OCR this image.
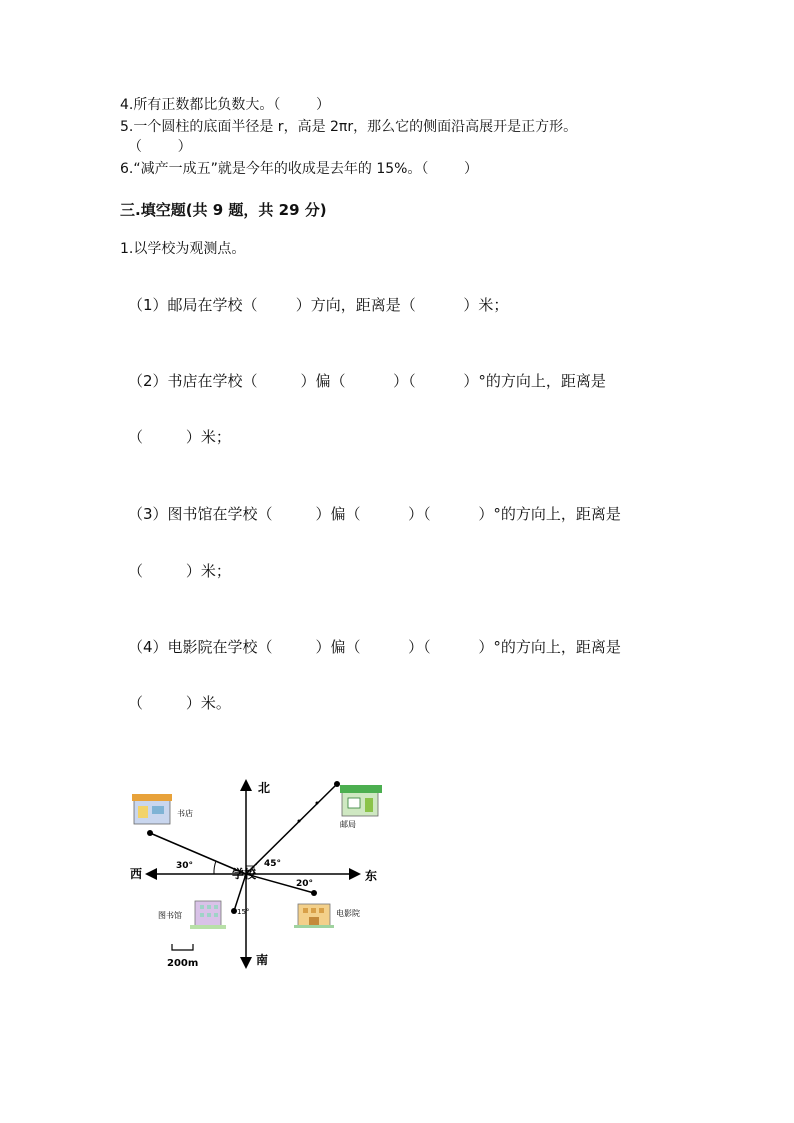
4.所有正数都比负数大。（        ）
5.一个圆柱的底面半径是 r，高是 2πr，那么它的侧面沿高展开是正方形。
（        ）
6.“减产一成五”就是今年的收成是去年的 15%。（        ）
三.填空题(共 9 题，共 29 分)
1.以学校为观测点。
（1）邮局在学校（        ）方向，距离是（          ）米；
（2）书店在学校（         ）偏（          ）（          ）°的方向上，距离是
（         ）米；
（3）图书馆在学校（         ）偏（          ）（          ）°的方向上，距离是
（         ）米；
（4）电影院在学校（         ）偏（          ）（          ）°的方向上，距离是
（         ）米。
北
南
东
西	学校
书店
邮局
图书馆	电影院
30°	45°
20°
15°
200m
